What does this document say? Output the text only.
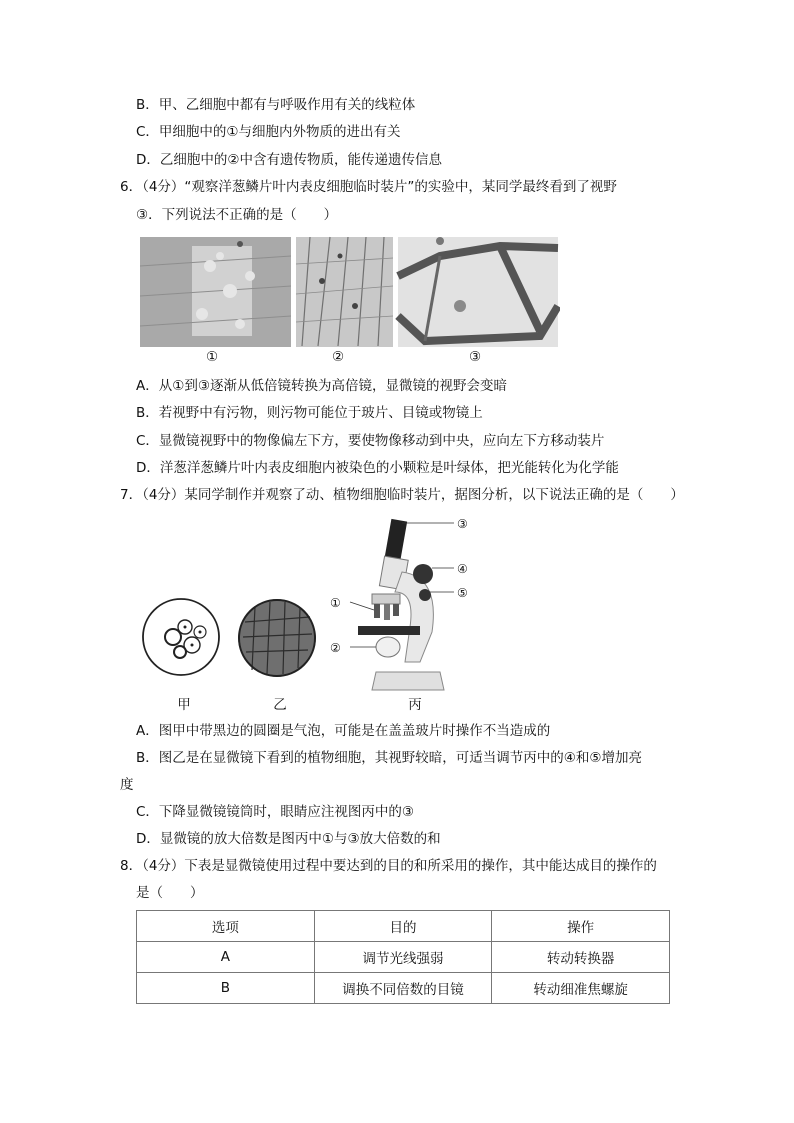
B．甲、乙细胞中都有与呼吸作用有关的线粒体
C．甲细胞中的①与细胞内外物质的进出有关
D．乙细胞中的②中含有遗传物质，能传递遗传信息
6．（4分）“观察洋葱鳞片叶内表皮细胞临时装片”的实验中，某同学最终看到了视野
③．下列说法不正确的是（　　）
①	②	③
A．从①到③逐渐从低倍镜转换为高倍镜，显微镜的视野会变暗
B．若视野中有污物，则污物可能位于玻片、目镜或物镜上
C．显微镜视野中的物像偏左下方，要使物像移动到中央，应向左下方移动装片
D．洋葱洋葱鳞片叶内表皮细胞内被染色的小颗粒是叶绿体，把光能转化为化学能
7．（4分）某同学制作并观察了动、植物细胞临时装片，据图分析，以下说法正确的是（　　）
①
②
③
④
⑤
甲	乙	丙
A．图甲中带黑边的圆圈是气泡，可能是在盖盖玻片时操作不当造成的
B．图乙是在显微镜下看到的植物细胞，其视野较暗，可适当调节丙中的④和⑤增加亮
度
C．下降显微镜镜筒时，眼睛应注视图丙中的③
D．显微镜的放大倍数是图丙中①与③放大倍数的和
8．（4分）下表是显微镜使用过程中要达到的目的和所采用的操作，其中能达成目的操作的
是（　　）
选项	目的	操作
A	调节光线强弱	转动转换器
B	调换不同倍数的目镜	转动细准焦螺旋
